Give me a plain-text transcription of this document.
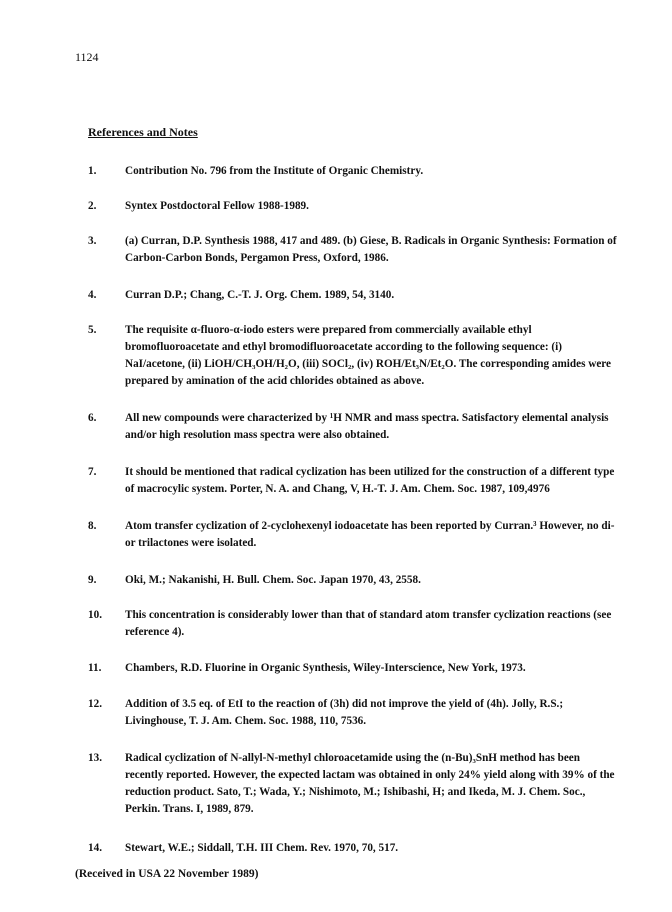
1124
References and Notes
1.	Contribution No. 796 from the Institute of Organic Chemistry.
2.	Syntex Postdoctoral Fellow 1988-1989.
3.	(a) Curran, D.P. Synthesis 1988, 417 and 489. (b) Giese, B. Radicals in Organic Synthesis: Formation of Carbon-Carbon Bonds, Pergamon Press, Oxford, 1986.
4.	Curran D.P.; Chang, C.-T. J. Org. Chem. 1989, 54, 3140.
5.	The requisite α-fluoro-α-iodo esters were prepared from commercially available ethyl bromofluoroacetate and ethyl bromodifluoroacetate according to the following sequence: (i) NaI/acetone, (ii) LiOH/CH₃OH/H₂O, (iii) SOCl₂, (iv) ROH/Et₃N/Et₂O. The corresponding amides were prepared by amination of the acid chlorides obtained as above.
6.	All new compounds were characterized by ¹H NMR and mass spectra. Satisfactory elemental analysis and/or high resolution mass spectra were also obtained.
7.	It should be mentioned that radical cyclization has been utilized for the construction of a different type of macrocylic system. Porter, N. A. and Chang, V, H.-T. J. Am. Chem. Soc. 1987, 109,4976
8.	Atom transfer cyclization of 2-cyclohexenyl iodoacetate has been reported by Curran.³ However, no di- or trilactones were isolated.
9.	Oki, M.; Nakanishi, H. Bull. Chem. Soc. Japan 1970, 43, 2558.
10.	This concentration is considerably lower than that of standard atom transfer cyclization reactions (see reference 4).
11.	Chambers, R.D. Fluorine in Organic Synthesis, Wiley-Interscience, New York, 1973.
12.	Addition of 3.5 eq. of EtI to the reaction of (3h) did not improve the yield of (4h). Jolly, R.S.; Livinghouse, T. J. Am. Chem. Soc. 1988, 110, 7536.
13.	Radical cyclization of N-allyl-N-methyl chloroacetamide using the (n-Bu)₃SnH method has been recently reported. However, the expected lactam was obtained in only 24% yield along with 39% of the reduction product. Sato, T.; Wada, Y.; Nishimoto, M.; Ishibashi, H; and Ikeda, M. J. Chem. Soc., Perkin. Trans. I, 1989, 879.
14.	Stewart, W.E.; Siddall, T.H. III Chem. Rev. 1970, 70, 517.
(Received in USA 22 November 1989)
